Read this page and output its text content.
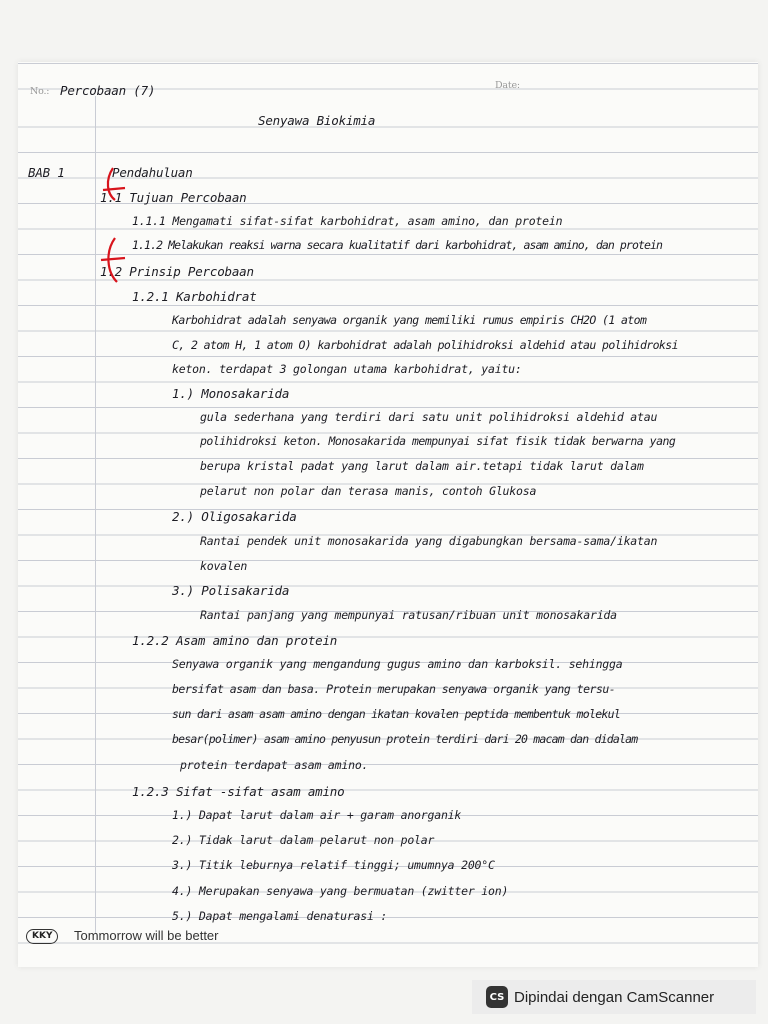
No.: Percobaan (7)	Date:
Senyawa Biokimia
BAB 1	Pendahuluan
1.1 Tujuan Percobaan
1.1.1 Mengamati sifat-sifat karbohidrat, asam amino, dan protein
1.1.2 Melakukan reaksi warna secara kualitatif dari karbohidrat, asam amino, dan protein
1.2 Prinsip Percobaan
1.2.1 Karbohidrat
Karbohidrat adalah senyawa organik yang memiliki rumus empiris CH2O (1 atom
C, 2 atom H, 1 atom O) karbohidrat adalah polihidroksi aldehid atau polihidroksi
keton. terdapat 3 golongan utama karbohidrat, yaitu:
1.) Monosakarida
gula sederhana yang terdiri dari satu unit polihidroksi aldehid atau
polihidroksi keton. Monosakarida mempunyai sifat fisik tidak berwarna yang
berupa kristal padat yang larut dalam air.tetapi tidak larut dalam
pelarut non polar dan terasa manis, contoh Glukosa
2.) Oligosakarida
Rantai pendek unit monosakarida yang digabungkan bersama-sama/ikatan
kovalen
3.) Polisakarida
Rantai panjang yang mempunyai ratusan/ribuan unit monosakarida
1.2.2 Asam amino dan protein
Senyawa organik yang mengandung gugus amino dan karboksil. sehingga
bersifat asam dan basa. Protein merupakan senyawa organik yang tersu-
sun dari asam asam amino dengan ikatan kovalen peptida membentuk molekul
besar(polimer) asam amino penyusun protein terdiri dari 20 macam dan didalam
protein terdapat asam amino.
1.2.3 Sifat -sifat asam amino
1.) Dapat larut dalam air + garam anorganik
2.) Tidak larut dalam pelarut non polar
3.) Titik leburnya relatif tinggi; umumnya 200°C
4.) Merupakan senyawa yang bermuatan (zwitter ion)
5.) Dapat mengalami denaturasi :
KKY	Tommorrow will be better
CS Dipindai dengan CamScanner
